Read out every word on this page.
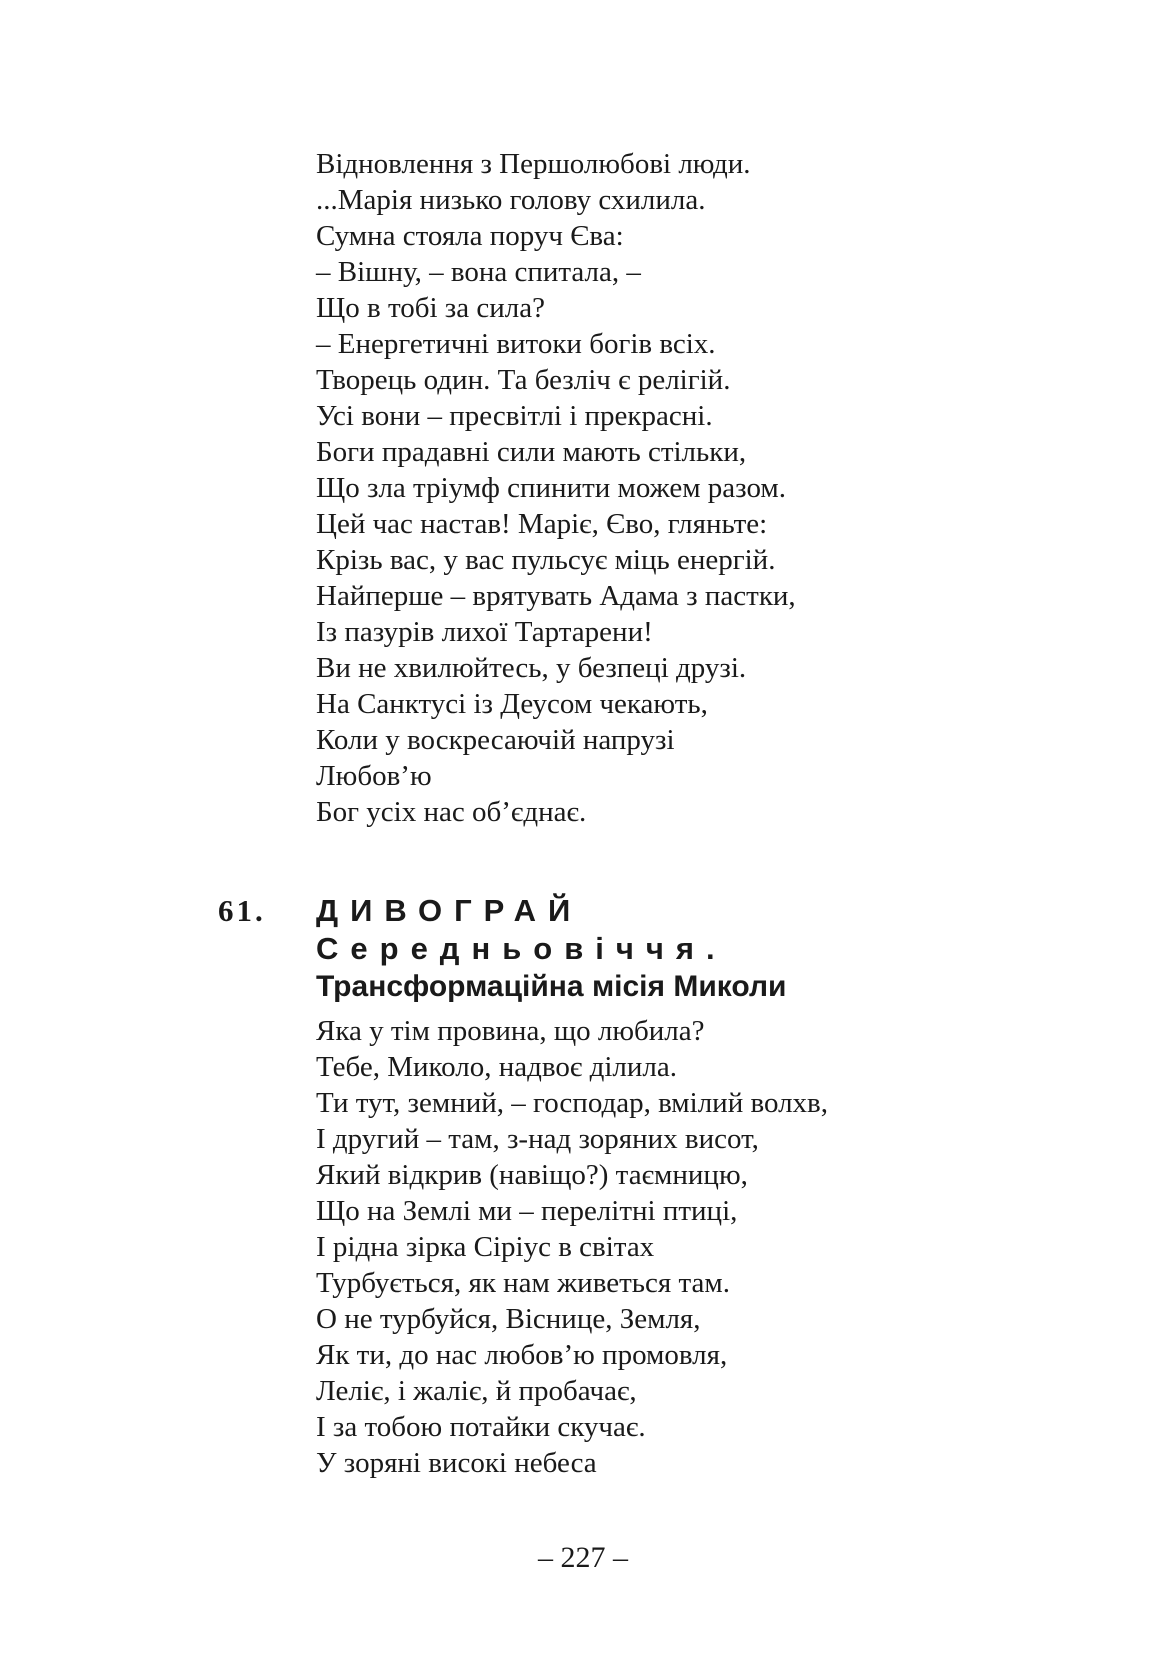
Відновлення з Першолюбові люди.
...Марія низько голову схилила.
Сумна стояла поруч Єва:
– Вішну, – вона спитала, –
Що в тобі за сила?
– Енергетичні витоки богів всіх.
Творець один. Та безліч є релігій.
Усі вони – пресвітлі і прекрасні.
Боги прадавні сили мають стільки,
Що зла тріумф спинити можем разом.
Цей час настав! Маріє, Єво, гляньте:
Крізь вас, у вас пульсує міць енергій.
Найперше – врятувать Адама з пастки,
Із пазурів лихої Тартарени!
Ви не хвилюйтесь, у безпеці друзі.
На Санктусі із Деусом чекають,
Коли у воскресаючій напрузі
Любов’ю
Бог усіх нас об’єднає.
61. ДИВОГРАЙ
Середньовіччя.
Трансформаційна місія Миколи
Яка у тім провина, що любила?
Тебе, Миколо, надвоє ділила.
Ти тут, земний, – господар, вмілий волхв,
І другий – там, з-над зоряних висот,
Який відкрив (навіщо?) таємницю,
Що на Землі ми – перелітні птиці,
І рідна зірка Сіріус в світах
Турбується, як нам живеться там.
О не турбуйся, Віснице, Земля,
Як ти, до нас любов’ю промовля,
Леліє, і жаліє, й пробачає,
І за тобою потайки скучає.
У зоряні високі небеса
– 227 –
